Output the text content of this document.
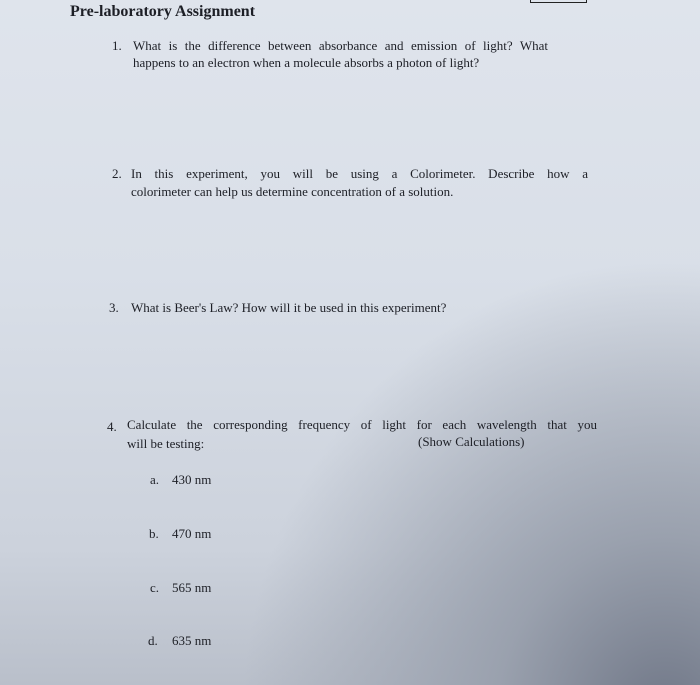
Pre-laboratory Assignment
1. What is the difference between absorbance and emission of light? What
happens to an electron when a molecule absorbs a photon of light?
2. In this experiment, you will be using a Colorimeter. Describe how a
colorimeter can help us determine concentration of a solution.
3. What is Beer's Law? How will it be used in this experiment?
4. Calculate the corresponding frequency of light for each wavelength that you
will be testing:	(Show Calculations)
a. 430 nm
b. 470 nm
c. 565 nm
d. 635 nm
